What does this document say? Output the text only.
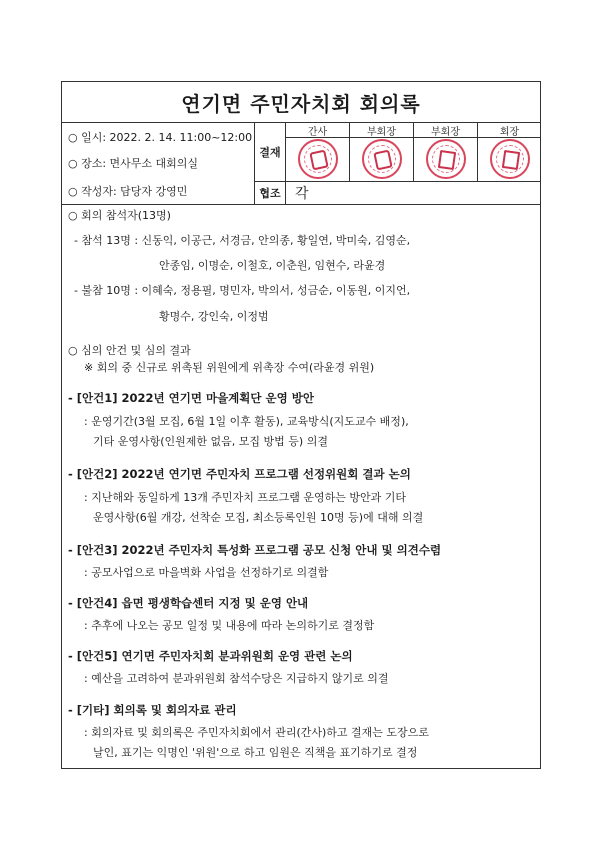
연기면 주민자치회 회의록
○ 일시: 2022. 2. 14. 11:00~12:00
○ 장소: 면사무소 대회의실
○ 작성자: 담당자 강영민
결재
간사	부회장	부회장	회장
협조	각
○ 회의 참석자(13명)
- 참석 13명 : 신동익, 이공근, 서경금, 안의종, 황일연, 박미숙, 김영순,
안종임, 이명순, 이철호, 이춘원, 임현수, 라윤경
- 불참 10명 : 이혜숙, 정용필, 명민자, 박의서, 성금순, 이동원, 이지언,
황명수, 강인숙, 이정범
○ 심의 안건 및 심의 결과
※ 회의 중 신규로 위촉된 위원에게 위촉장 수여(라윤경 위원)
- [안건1] 2022년 연기면 마을계획단 운영 방안
: 운영기간(3월 모집, 6월 1일 이후 활동), 교육방식(지도교수 배정),
기타 운영사항(인원제한 없음, 모집 방법 등) 의결
- [안건2] 2022년 연기면 주민자치 프로그램 선정위원회 결과 논의
: 지난해와 동일하게 13개 주민자치 프로그램 운영하는 방안과 기타
운영사항(6월 개강, 선착순 모집, 최소등록인원 10명 등)에 대해 의결
- [안건3] 2022년 주민자치 특성화 프로그램 공모 신청 안내 및 의견수렴
: 공모사업으로 마을벽화 사업을 선정하기로 의결함
- [안건4] 읍면 평생학습센터 지정 및 운영 안내
: 추후에 나오는 공모 일정 및 내용에 따라 논의하기로 결정함
- [안건5] 연기면 주민자치회 분과위원회 운영 관련 논의
: 예산을 고려하여 분과위원회 참석수당은 지급하지 않기로 의결
- [기타] 회의록 및 회의자료 관리
: 회의자료 및 회의록은 주민자치회에서 관리(간사)하고 결재는 도장으로
날인, 표기는 익명인 '위원'으로 하고 임원은 직책을 표기하기로 결정
